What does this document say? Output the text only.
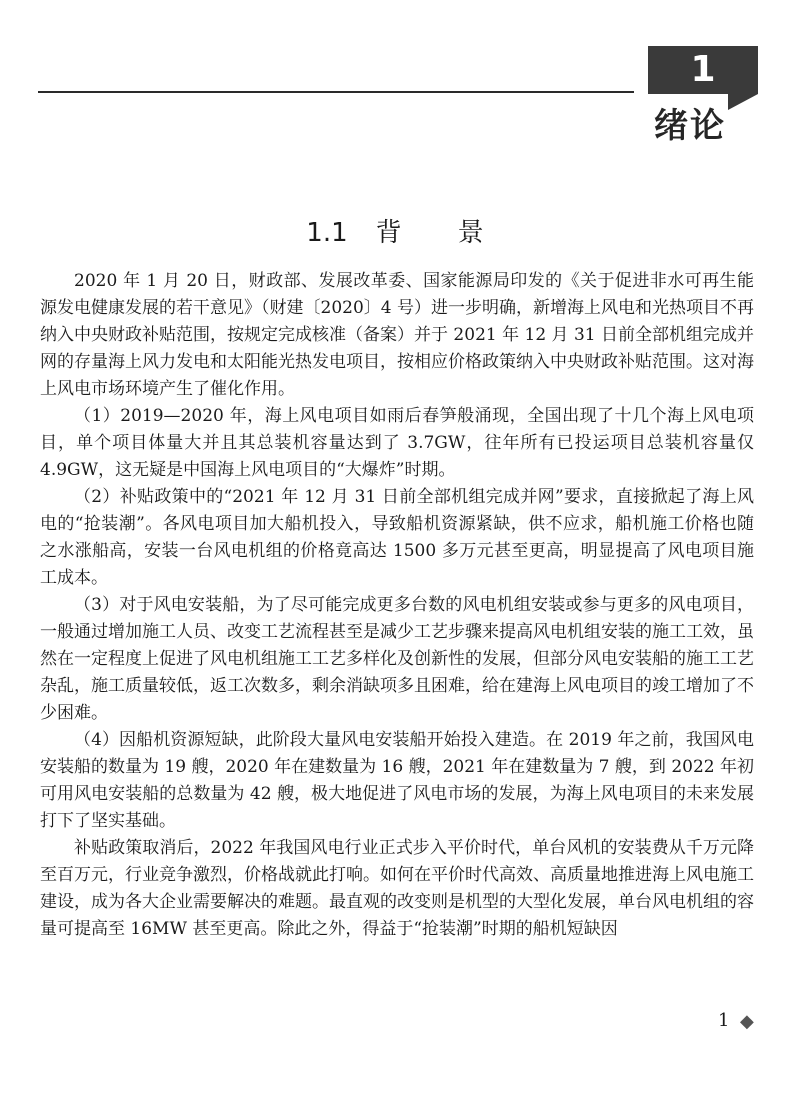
1
绪论
1.1 背 景

2020 年 1 月 20 日，财政部、发展改革委、国家能源局印发的《关于促进非水可再生能源发电健康发展的若干意见》（财建〔2020〕4 号）进一步明确，新增海上风电和光热项目不再纳入中央财政补贴范围，按规定完成核准（备案）并于 2021 年 12 月 31 日前全部机组完成并网的存量海上风力发电和太阳能光热发电项目，按相应价格政策纳入中央财政补贴范围。这对海上风电市场环境产生了催化作用。

（1）2019—2020 年，海上风电项目如雨后春笋般涌现，全国出现了十几个海上风电项目，单个项目体量大并且其总装机容量达到了 3.7GW，往年所有已投运项目总装机容量仅 4.9GW，这无疑是中国海上风电项目的“大爆炸”时期。

（2）补贴政策中的“2021 年 12 月 31 日前全部机组完成并网”要求，直接掀起了海上风电的“抢装潮”。各风电项目加大船机投入，导致船机资源紧缺，供不应求，船机施工价格也随之水涨船高，安装一台风电机组的价格竟高达 1500 多万元甚至更高，明显提高了风电项目施工成本。

（3）对于风电安装船，为了尽可能完成更多台数的风电机组安装或参与更多的风电项目，一般通过增加施工人员、改变工艺流程甚至是减少工艺步骤来提高风电机组安装的施工工效，虽然在一定程度上促进了风电机组施工工艺多样化及创新性的发展，但部分风电安装船的施工工艺杂乱，施工质量较低，返工次数多，剩余消缺项多且困难，给在建海上风电项目的竣工增加了不少困难。

（4）因船机资源短缺，此阶段大量风电安装船开始投入建造。在 2019 年之前，我国风电安装船的数量为 19 艘，2020 年在建数量为 16 艘，2021 年在建数量为 7 艘，到 2022 年初可用风电安装船的总数量为 42 艘，极大地促进了风电市场的发展，为海上风电项目的未来发展打下了坚实基础。

补贴政策取消后，2022 年我国风电行业正式步入平价时代，单台风机的安装费从千万元降至百万元，行业竞争激烈，价格战就此打响。如何在平价时代高效、高质量地推进海上风电施工建设，成为各大企业需要解决的难题。最直观的改变则是机型的大型化发展，单台风电机组的容量可提高至 16MW 甚至更高。除此之外，得益于“抢装潮”时期的船机短缺因

1 ◆
